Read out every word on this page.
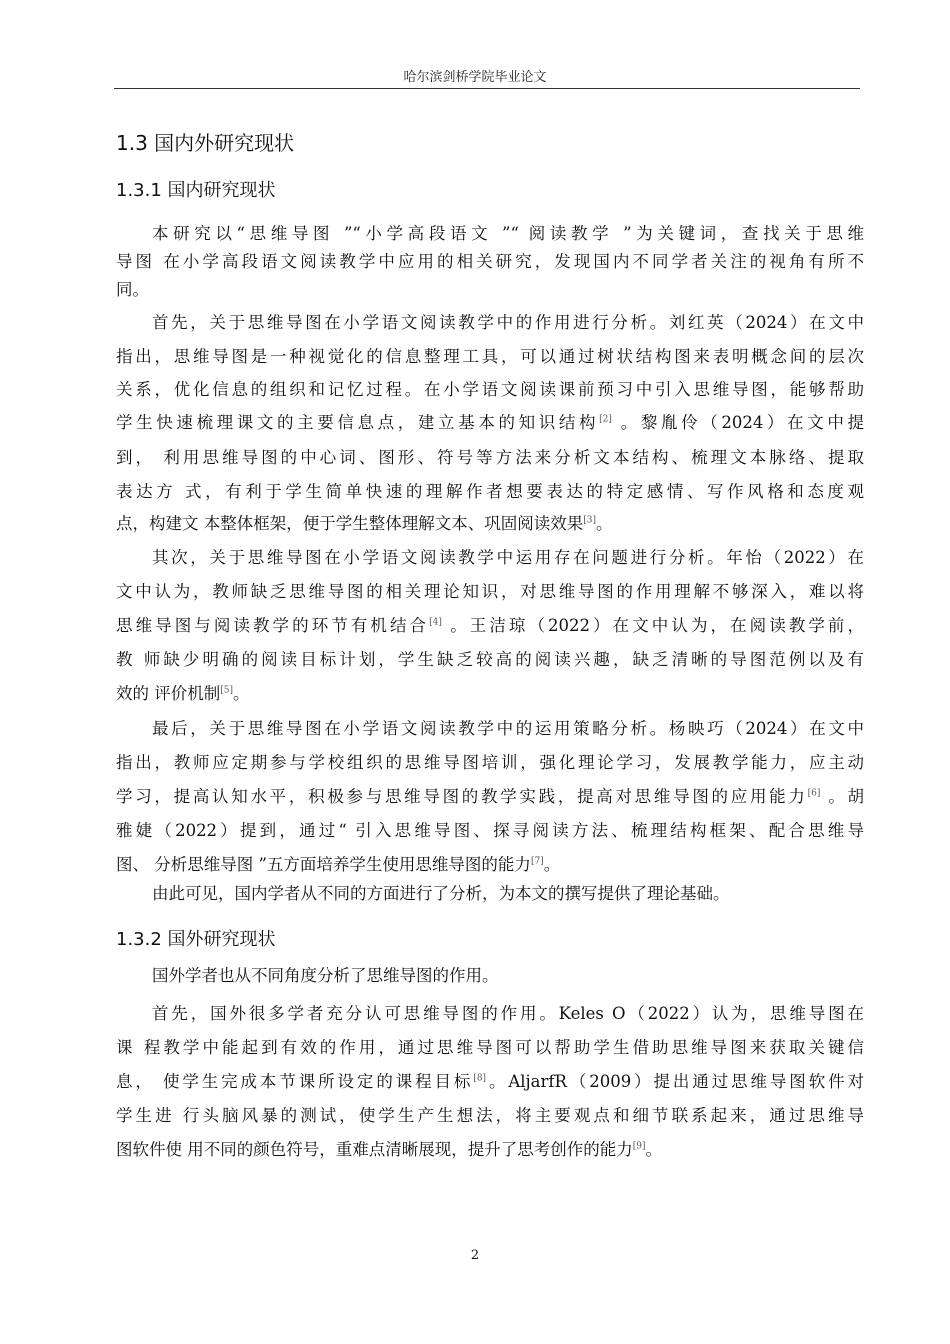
哈尔滨剑桥学院毕业论文
1.3 国内外研究现状
1.3.1 国内研究现状
本研究以“思维导图 ”“小学高段语文 ”“ 阅读教学 ”为关键词，查找关于思维
导图 在小学高段语文阅读教学中应用的相关研究，发现国内不同学者关注的视角有所不
同。
首先，关于思维导图在小学语文阅读教学中的作用进行分析。刘红英（2024）在文中
指出，思维导图是一种视觉化的信息整理工具，可以通过树状结构图来表明概念间的层次
关系，优化信息的组织和记忆过程。在小学语文阅读课前预习中引入思维导图，能够帮助
学生快速梳理课文的主要信息点，建立基本的知识结构[2] 。黎胤伶（2024）在文中提
到， 利用思维导图的中心词、图形、符号等方法来分析文本结构、梳理文本脉络、提取
表达方 式，有利于学生简单快速的理解作者想要表达的特定感情、写作风格和态度观
点，构建文 本整体框架，便于学生整体理解文本、巩固阅读效果[3]。
其次，关于思维导图在小学语文阅读教学中运用存在问题进行分析。年怡（2022）在
文中认为，教师缺乏思维导图的相关理论知识，对思维导图的作用理解不够深入，难以将
思维导图与阅读教学的环节有机结合[4] 。王洁琼（2022）在文中认为，在阅读教学前，
教 师缺少明确的阅读目标计划，学生缺乏较高的阅读兴趣，缺乏清晰的导图范例以及有
效的 评价机制[5]。
最后，关于思维导图在小学语文阅读教学中的运用策略分析。杨映巧（2024）在文中
指出，教师应定期参与学校组织的思维导图培训，强化理论学习，发展教学能力，应主动
学习，提高认知水平，积极参与思维导图的教学实践，提高对思维导图的应用能力[6] 。胡
雅婕（2022）提到，通过“ 引入思维导图、探寻阅读方法、梳理结构框架、配合思维导
图、 分析思维导图 ”五方面培养学生使用思维导图的能力[7]。
由此可见，国内学者从不同的方面进行了分析，为本文的撰写提供了理论基础。
1.3.2 国外研究现状
国外学者也从不同角度分析了思维导图的作用。
首先，国外很多学者充分认可思维导图的作用。Keles O（2022）认为，思维导图在
课 程教学中能起到有效的作用，通过思维导图可以帮助学生借助思维导图来获取关键信
息， 使学生完成本节课所设定的课程目标[8]。AljarfR（2009）提出通过思维导图软件对
学生进 行头脑风暴的测试，使学生产生想法，将主要观点和细节联系起来，通过思维导
图软件使 用不同的颜色符号，重难点清晰展现，提升了思考创作的能力[9]。
2
